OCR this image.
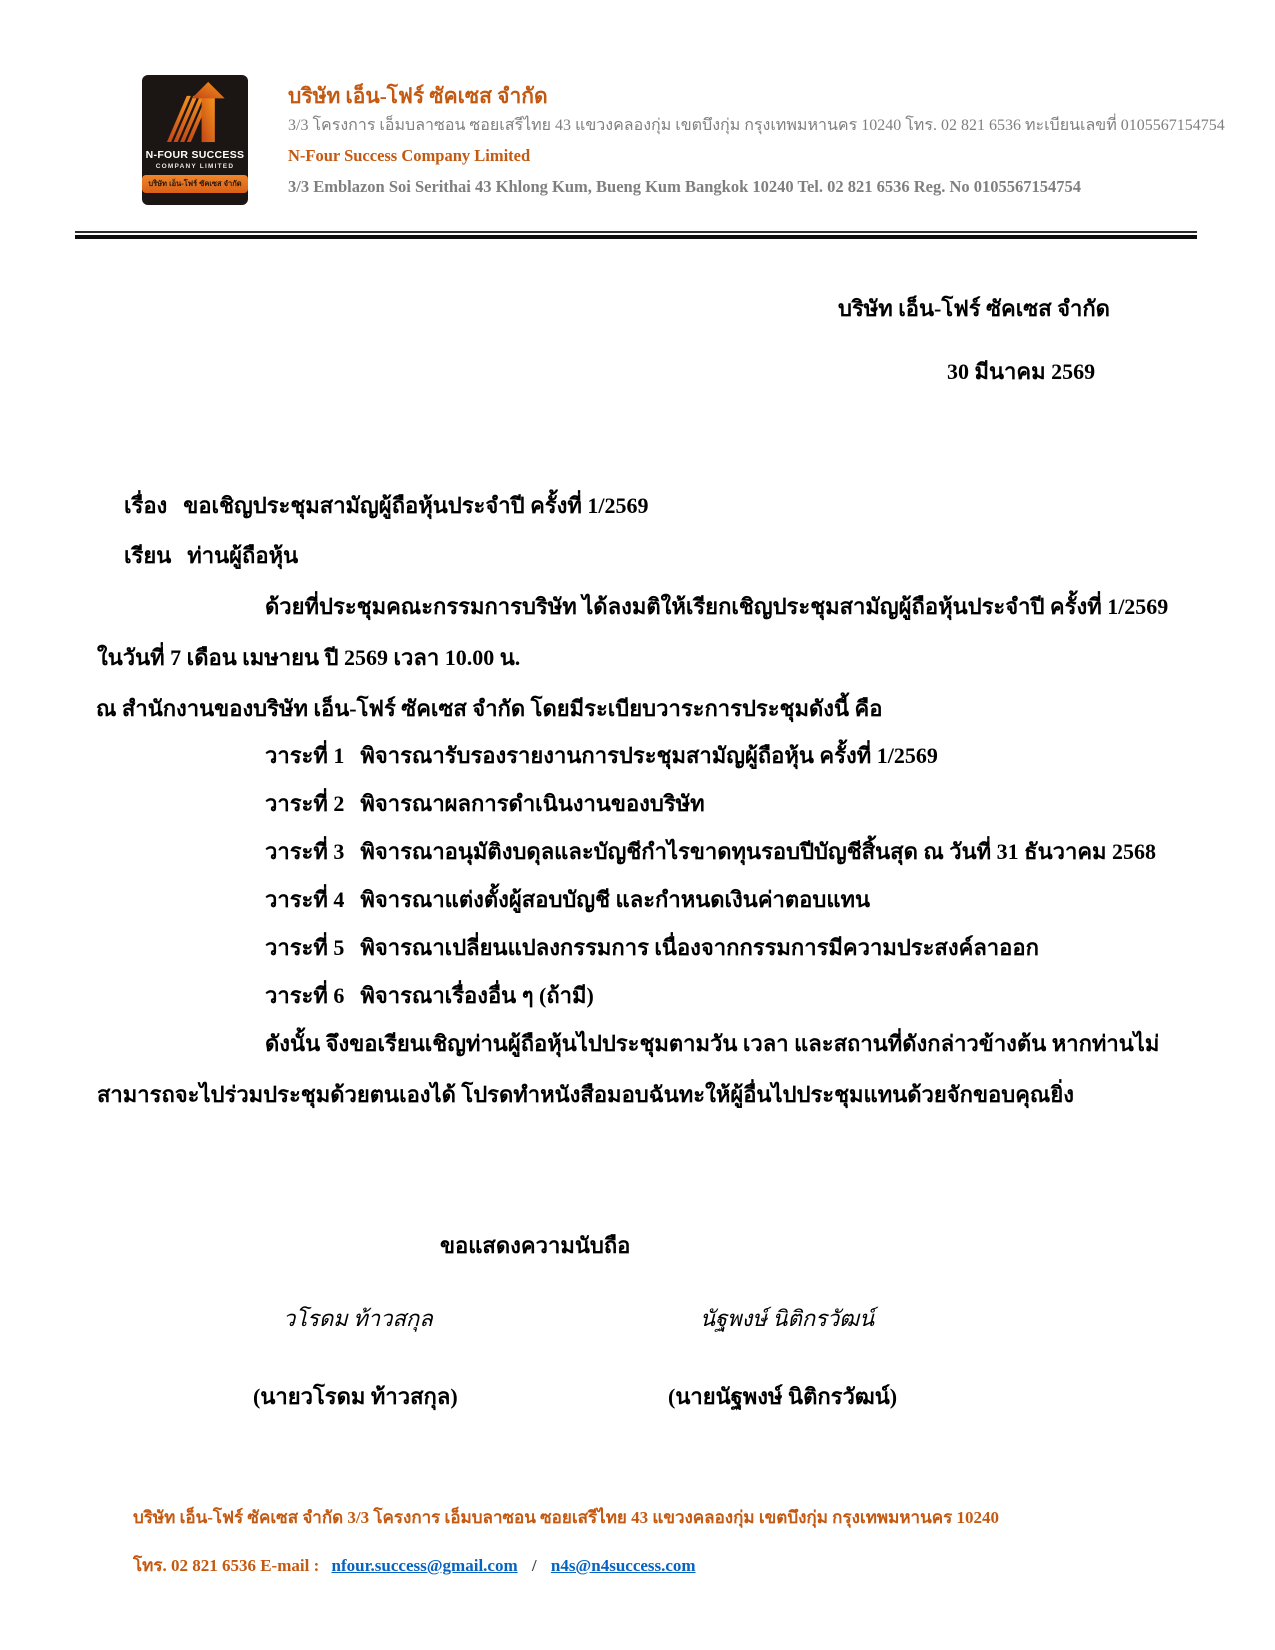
N-FOUR SUCCESS
COMPANY LIMITED
บริษัท เอ็น-โฟร์ ซัคเซส จำกัด
บริษัท เอ็น-โฟร์ ซัคเซส จำกัด
3/3 โครงการ เอ็มบลาซอน ซอยเสรีไทย 43 แขวงคลองกุ่ม เขตบึงกุ่ม กรุงเทพมหานคร 10240 โทร. 02 821 6536 ทะเบียนเลขที่ 0105567154754
N-Four Success Company Limited
3/3 Emblazon Soi Serithai 43 Khlong Kum, Bueng Kum Bangkok 10240 Tel. 02 821 6536 Reg. No 0105567154754
บริษัท เอ็น-โฟร์ ซัคเซส จำกัด
30 มีนาคม 2569
เรื่อง ขอเชิญประชุมสามัญผู้ถือหุ้นประจำปี ครั้งที่ 1/2569
เรียน ท่านผู้ถือหุ้น
ด้วยที่ประชุมคณะกรรมการบริษัท ได้ลงมติให้เรียกเชิญประชุมสามัญผู้ถือหุ้นประจำปี ครั้งที่ 1/2569
ในวันที่ 7 เดือน เมษายน ปี 2569 เวลา 10.00 น.
ณ สำนักงานของบริษัท เอ็น-โฟร์ ซัคเซส จำกัด โดยมีระเบียบวาระการประชุมดังนี้ คือ
วาระที่ 1 พิจารณารับรองรายงานการประชุมสามัญผู้ถือหุ้น ครั้งที่ 1/2569
วาระที่ 2 พิจารณาผลการดำเนินงานของบริษัท
วาระที่ 3 พิจารณาอนุมัติงบดุลและบัญชีกำไรขาดทุนรอบปีบัญชีสิ้นสุด ณ วันที่ 31 ธันวาคม 2568
วาระที่ 4 พิจารณาแต่งตั้งผู้สอบบัญชี และกำหนดเงินค่าตอบแทน
วาระที่ 5 พิจารณาเปลี่ยนแปลงกรรมการ เนื่องจากกรรมการมีความประสงค์ลาออก
วาระที่ 6 พิจารณาเรื่องอื่น ๆ (ถ้ามี)
ดังนั้น จึงขอเรียนเชิญท่านผู้ถือหุ้นไปประชุมตามวัน เวลา และสถานที่ดังกล่าวข้างต้น หากท่านไม่
สามารถจะไปร่วมประชุมด้วยตนเองได้ โปรดทำหนังสือมอบฉันทะให้ผู้อื่นไปประชุมแทนด้วยจักขอบคุณยิ่ง
ขอแสดงความนับถือ
วโรดม ท้าวสกุล	นัฐพงษ์ นิติกรวัฒน์
(นายวโรดม ท้าวสกุล)	(นายนัฐพงษ์ นิติกรวัฒน์)
บริษัท เอ็น-โฟร์ ซัคเซส จำกัด 3/3 โครงการ เอ็มบลาซอน ซอยเสรีไทย 43 แขวงคลองกุ่ม เขตบึงกุ่ม กรุงเทพมหานคร 10240
โทร. 02 821 6536 E-mail : nfour.success@gmail.com / n4s@n4success.com
